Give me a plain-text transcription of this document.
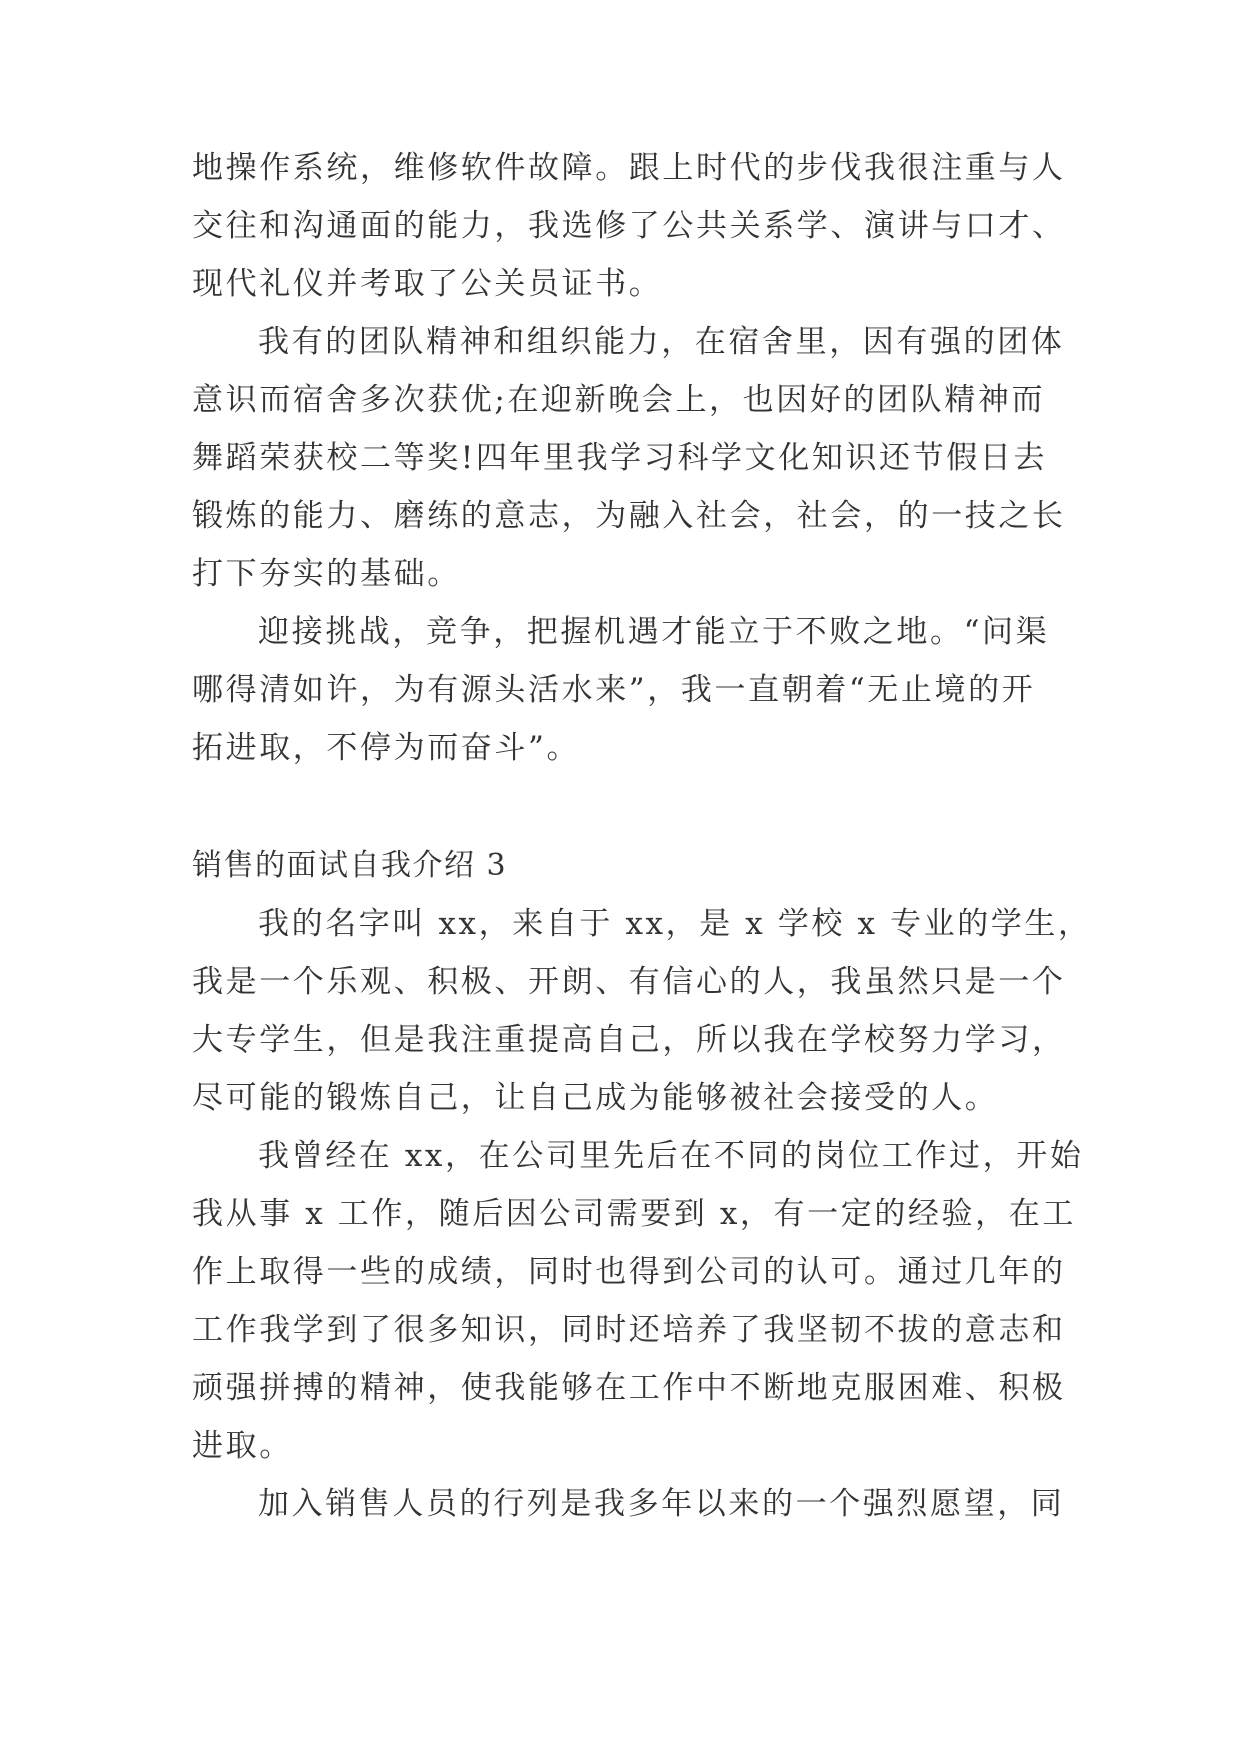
地操作系统，维修软件故障。跟上时代的步伐我很注重与人
交往和沟通面的能力，我选修了公共关系学、演讲与口才、
现代礼仪并考取了公关员证书。
我有的团队精神和组织能力，在宿舍里，因有强的团体
意识而宿舍多次获优;在迎新晚会上，也因好的团队精神而
舞蹈荣获校二等奖!四年里我学习科学文化知识还节假日去
锻炼的能力、磨练的意志，为融入社会，社会，的一技之长
打下夯实的基础。
迎接挑战，竞争，把握机遇才能立于不败之地。“问渠
哪得清如许，为有源头活水来”，我一直朝着“无止境的开
拓进取，不停为而奋斗”。
销售的面试自我介绍 3
我的名字叫 xx，来自于 xx，是 x 学校 x 专业的学生，
我是一个乐观、积极、开朗、有信心的人，我虽然只是一个
大专学生，但是我注重提高自己，所以我在学校努力学习，
尽可能的锻炼自己，让自己成为能够被社会接受的人。
我曾经在 xx，在公司里先后在不同的岗位工作过，开始
我从事 x 工作，随后因公司需要到 x，有一定的经验，在工
作上取得一些的成绩，同时也得到公司的认可。通过几年的
工作我学到了很多知识，同时还培养了我坚韧不拔的意志和
顽强拼搏的精神，使我能够在工作中不断地克服困难、积极
进取。
加入销售人员的行列是我多年以来的一个强烈愿望，同
